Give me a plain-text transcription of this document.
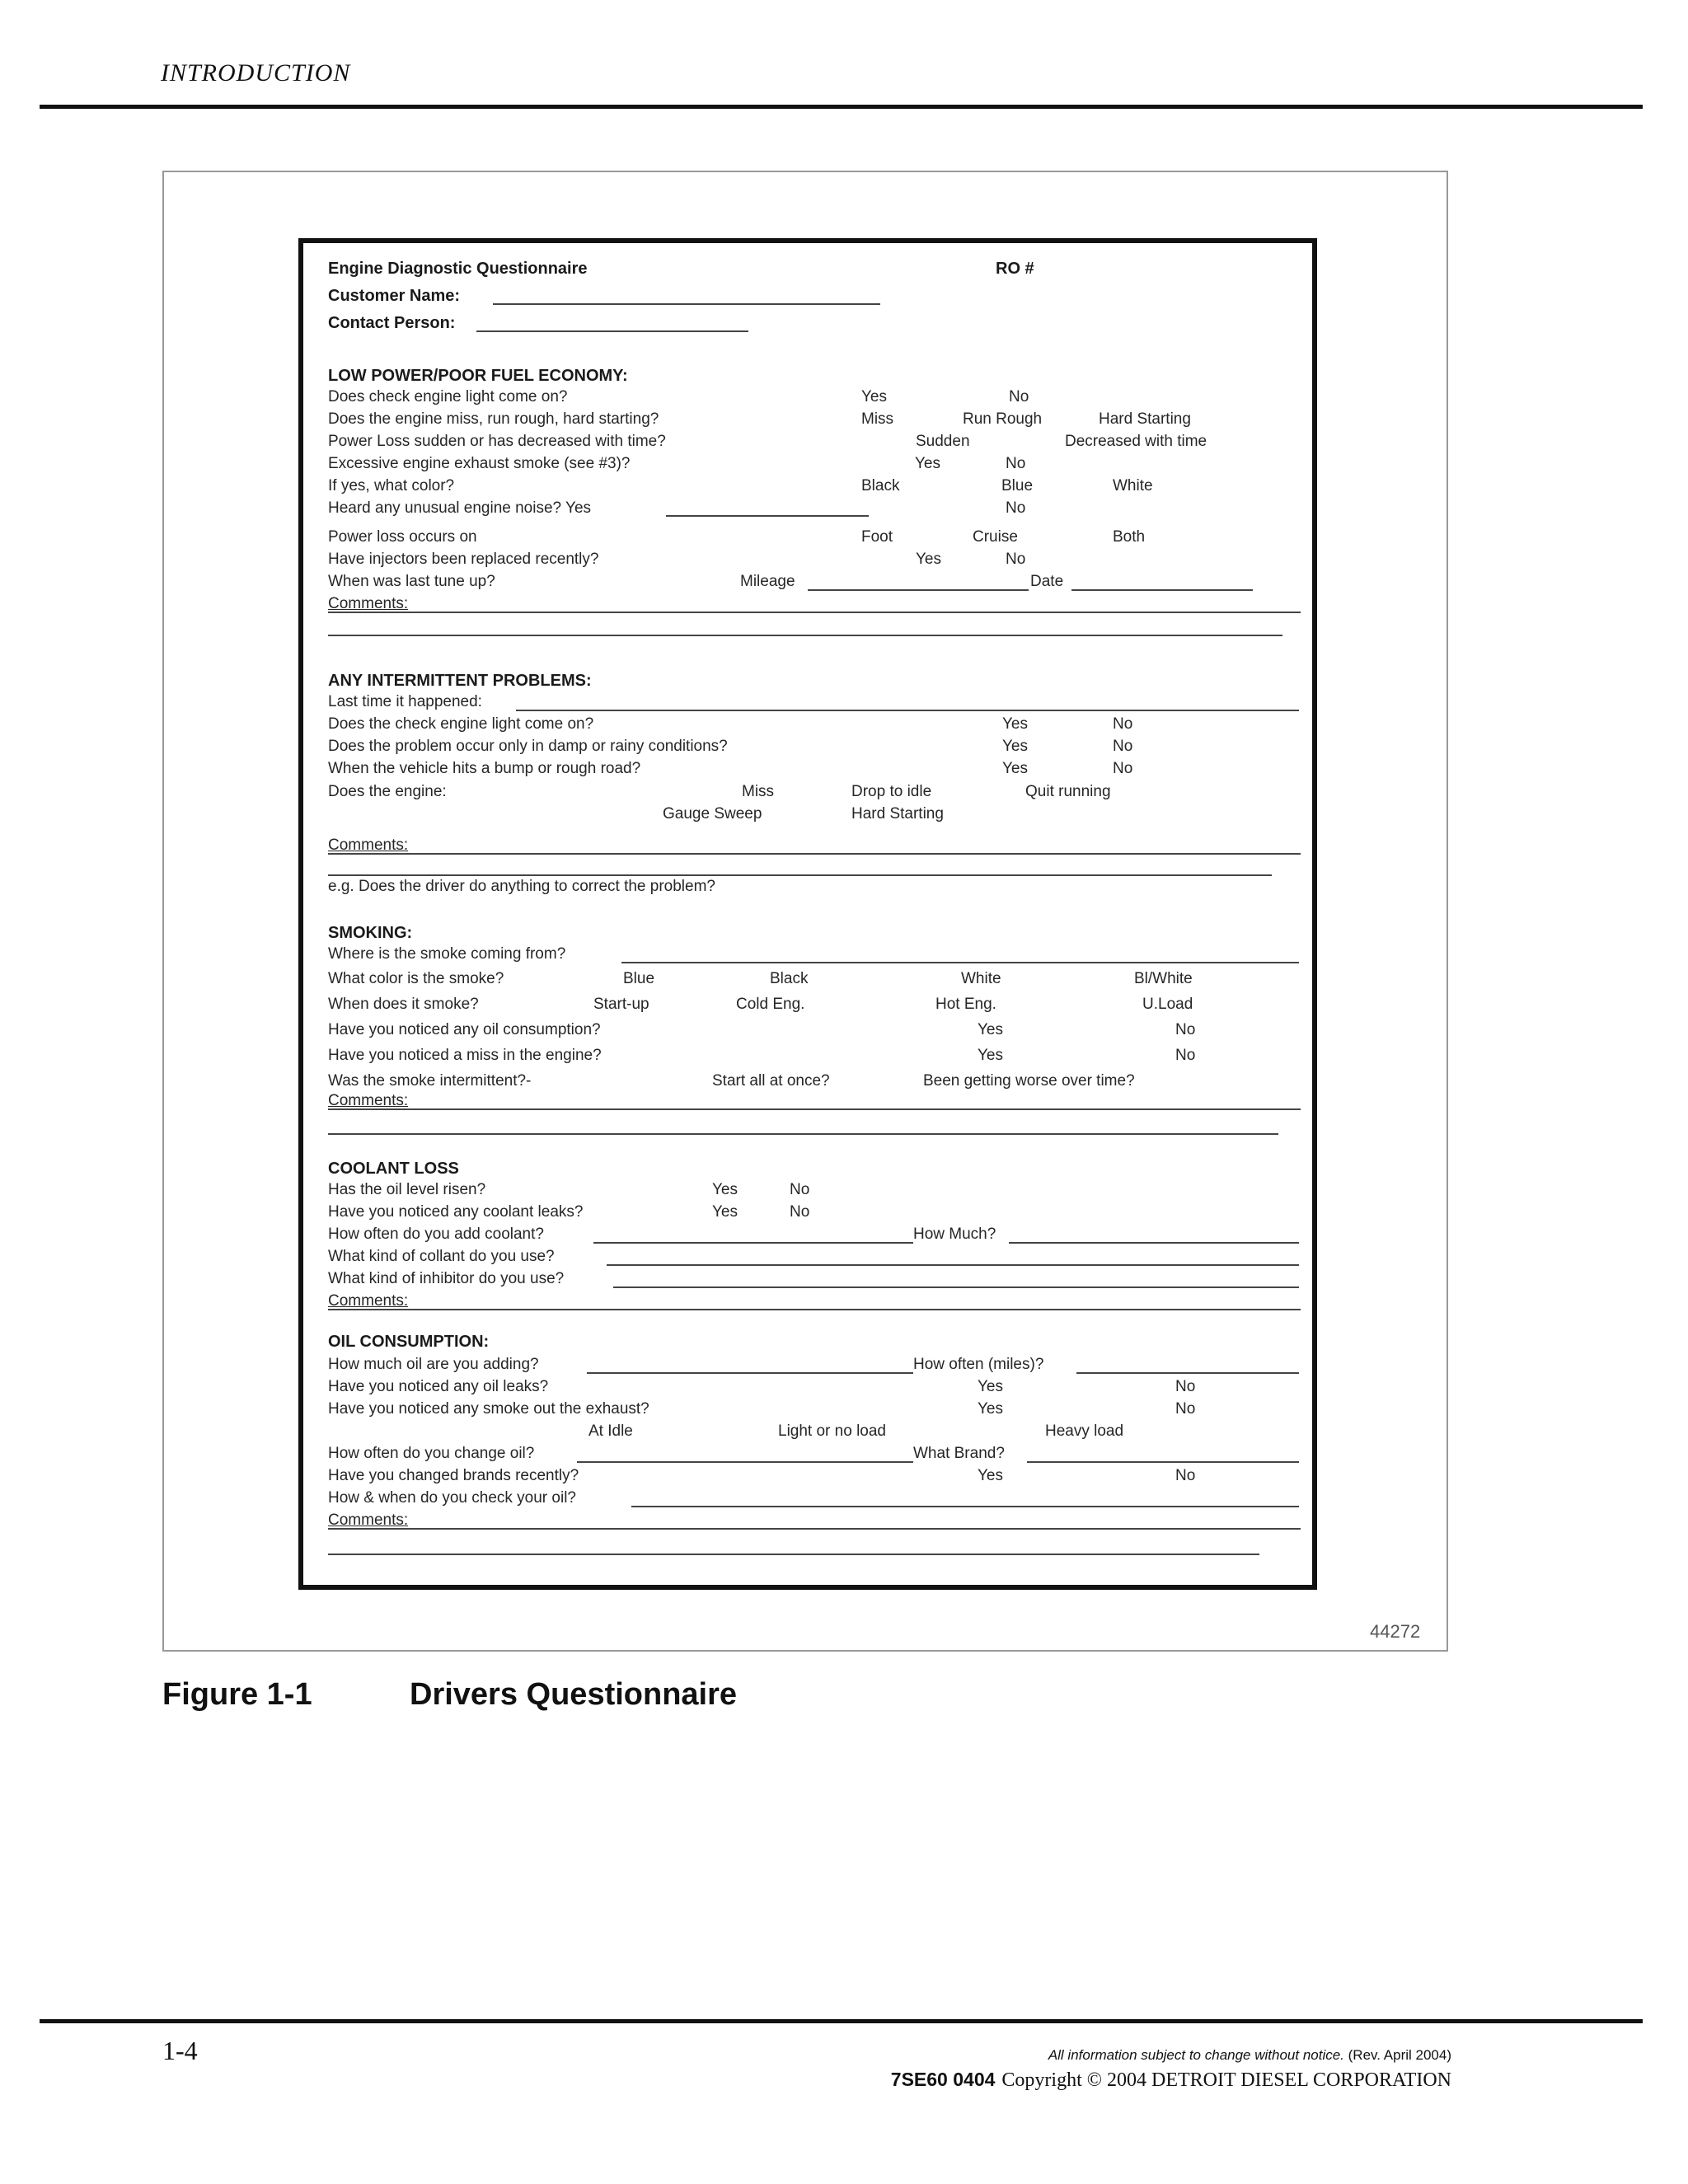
INTRODUCTION
Engine Diagnostic Questionnaire	RO #
Customer Name:
Contact Person:
LOW POWER/POOR FUEL ECONOMY:
Does check engine light come on?	Yes	No
Does the engine miss, run rough, hard starting?	Miss	Run Rough	Hard Starting
Power Loss sudden or has decreased with time?	Sudden	Decreased with time
Excessive engine exhaust smoke (see #3)?	Yes	No
If yes, what color?	Black	Blue	White
Heard any unusual engine noise? Yes	No
Power loss occurs on	Foot	Cruise	Both
Have injectors been replaced recently?	Yes	No
When was last tune up?	Mileage	Date
Comments:
ANY INTERMITTENT PROBLEMS:
Last time it happened:
Does the check engine light come on?	Yes	No
Does the problem occur only in damp or rainy conditions?	Yes	No
When the vehicle hits a bump or rough road?	Yes	No
Does the engine:	Miss	Drop to idle	Quit running
Gauge Sweep	Hard Starting
Comments:
e.g. Does the driver do anything to correct the problem?
SMOKING:
Where is the smoke coming from?
What color is the smoke?	Blue	Black	White	Bl/White
When does it smoke?	Start-up	Cold Eng.	Hot Eng.	U.Load
Have you noticed any oil consumption?	Yes	No
Have you noticed a miss in the engine?	Yes	No
Was the smoke intermittent?-	Start all at once?	Been getting worse over time?
Comments:
COOLANT LOSS
Has the oil level risen?	Yes	No
Have you noticed any coolant leaks?	Yes	No
How often do you add coolant?	How Much?
What kind of collant do you use?
What kind of inhibitor do you use?
Comments:
OIL CONSUMPTION:
How much oil are you adding?	How often (miles)?
Have you noticed any oil leaks?	Yes	No
Have you noticed any smoke out the exhaust?	Yes	No
At Idle	Light or no load	Heavy load
How often do you change oil?	What Brand?
Have you changed brands recently?	Yes	No
How & when do you check your oil?
Comments:
44272
Figure 1-1	Drivers Questionnaire
1-4	All information subject to change without notice. (Rev. April 2004)
7SE60 0404 Copyright © 2004 DETROIT DIESEL CORPORATION
